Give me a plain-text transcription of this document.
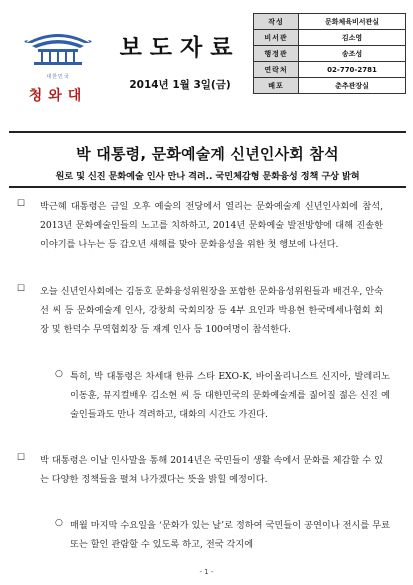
대한민국
청와대
보도자료
2014년 1월 3일(금)
작성	문화체육비서관실
비서관	김소영
행정관	송조성
연락처	02-770-2781
배포	춘추관장실
박 대통령, 문화예술계 신년인사회 참석
원로 및 신진 문화예술 인사 만나 격려.. 국민체감형 문화융성 정책 구상 밝혀
☐ 박근혜 대통령은 금일 오후 예술의 전당에서 열리는 문화예술계 신년인사회에 참석, 2013년 문화예술인들의 노고를 치하하고, 2014년 문화예술 발전방향에 대해 진솔한 이야기를 나누는 등 갑오년 새해를 맞아 문화융성을 위한 첫 행보에 나선다.
☐ 오늘 신년인사회에는 김동호 문화융성위원장을 포함한 문화융성위원들과 배건우, 안숙선 씨 등 문화예술계 인사, 강창희 국회의장 등 4부 요인과 박용현 한국메세나협회 회장 및 한덕수 무역협회장 등 재계 인사 등 100여명이 참석한다.
○ 특히, 박 대통령은 차세대 한류 스타 EXO-K, 바이올리니스트 신지아, 발레리노 이동훈, 뮤지컬배우 김소현 씨 등 대한민국의 문화예술계를 짊어질 젊은 신진 예술인들과도 만나 격려하고, 대화의 시간도 가진다.
☐ 박 대통령은 이날 인사말을 통해 2014년은 국민들이 생활 속에서 문화를 체감할 수 있는 다양한 정책들을 펼쳐 나가겠다는 뜻을 밝힐 예정이다.
○ 매월 마지막 수요일을 ‘문화가 있는 날’로 정하여 국민들이 공연이나 전시를 무료 또는 할인 관람할 수 있도록 하고, 전국 각지에
- 1 -
